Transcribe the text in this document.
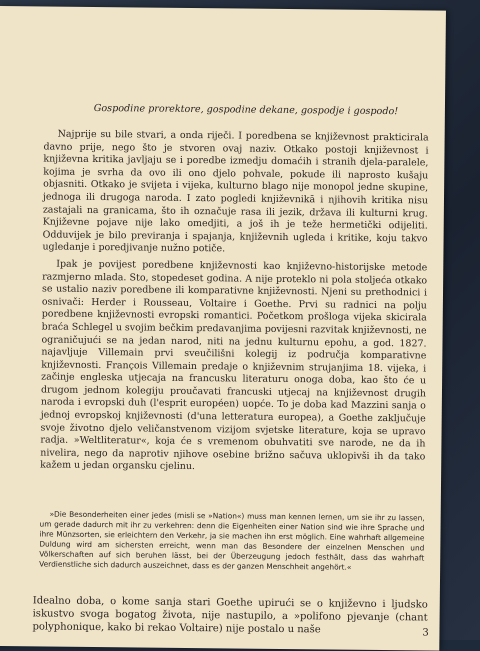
Gospodine prorektore, gospodine dekane, gospodje i gospodo!

Najprije su bile stvari, a onda riječi. I poredbena se književnost prakticirala davno prije, nego što je stvoren ovaj naziv. Otkako postoji književnost i književna kritika javljaju se i poredbe izmedju domaćih i stranih djela-paralele, kojima je svrha da ovo ili ono djelo pohvale, pokude ili naprosto kušaju objasniti. Otkako je svijeta i vijeka, kulturno blago nije monopol jedne skupine, jednoga ili drugoga naroda. I zato pogledi književnikā i njihovih kritika nisu zastajali na granicama, što ih označuje rasa ili jezik, država ili kulturni krug. Književne pojave nije lako omedjiti, a još ih je teže hermetički odijeliti. Odduvijek je bilo previranja i spajanja, književnih ugleda i kritike, koju takvo ugledanje i poredjivanje nužno potiče.

Ipak je povijest poredbene književnosti kao književno-historijske metode razmjerno mlada. Sto, stopedeset godina. A nije proteklo ni pola stoljeća otkako se ustalio naziv poredbene ili komparativne književnosti. Njeni su prethodnici i osnivači: Herder i Rousseau, Voltaire i Goethe. Prvi su radnici na polju poredbene književnosti evropski romantici. Početkom prošloga vijeka skicirala braća Schlegel u svojim bečkim predavanjima povijesni razvitak književnosti, ne ograničujući se na jedan narod, niti na jednu kulturnu epohu, a god. 1827. najavljuje Villemain prvi sveučilišni kolegij iz područja komparativne književnosti. François Villemain predaje o književnim strujanjima 18. vijeka, i začinje engleska utjecaja na francusku literaturu onoga doba, kao što će u drugom jednom kolegiju proučavati francuski utjecaj na književnost drugih naroda i evropski duh (l'esprit européen) uopće. To je doba kad Mazzini sanja o jednoj evropskoj književnosti (d'una letteratura europea), a Goethe zaključuje svoje životno djelo veličanstvenom vizijom svjetske literature, koja se upravo radja. »Weltliteratur«, koja će s vremenom obuhvatiti sve narode, ne da ih nivelira, nego da naprotiv njihove osebine brižno sačuva uklopivši ih da tako kažem u jedan organsku cjelinu.

»Die Besonderheiten einer jedes (misli se »Nation«) muss man kennen lernen, um sie ihr zu lassen, um gerade dadurch mit ihr zu verkehren: denn die Eigenheiten einer Nation sind wie ihre Sprache und ihre Münzsorten, sie erleichtern den Verkehr, ja sie machen ihn erst möglich. Eine wahrhaft allgemeine Duldung wird am sichersten erreicht, wenn man das Besondere der einzelnen Menschen und Völkerschaften auf sich beruhen lässt, bei der Überzeugung jedoch festhält, dass das wahrhaft Verdienstliche sich dadurch auszeichnet, dass es der ganzen Menschheit angehört.«
Idealno doba, o kome sanja stari Goethe upirući se o književno i ljudsko iskustvo svoga bogatog života, nije nastupilo, a »polifono pjevanje (chant polyphonique, kako bi rekao Voltaire) nije postalo u naše	3
